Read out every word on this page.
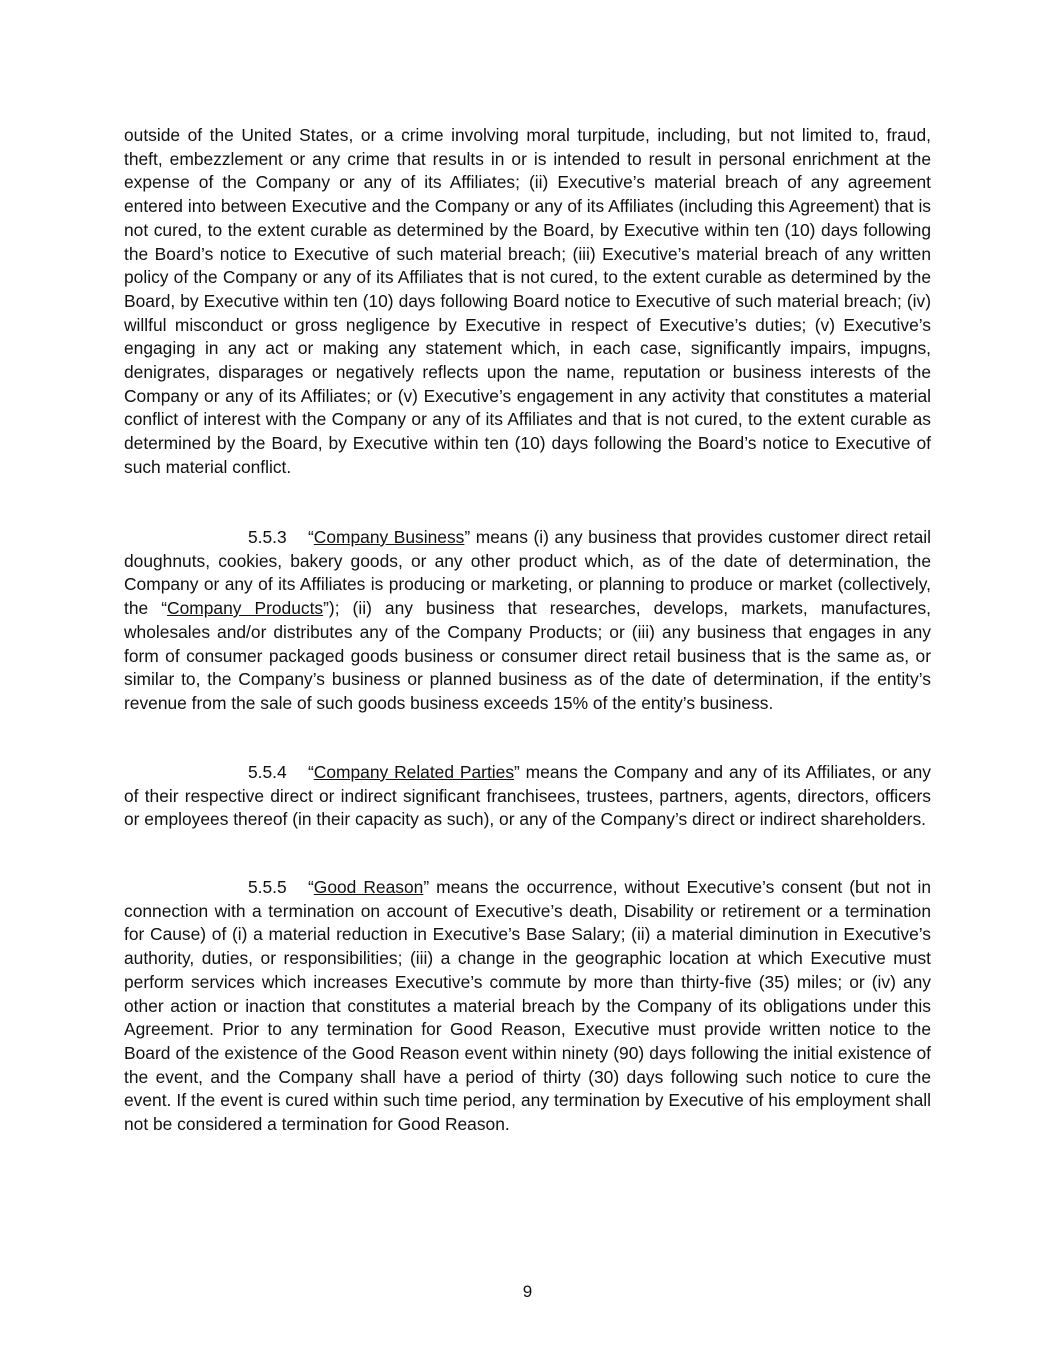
outside of the United States, or a crime involving moral turpitude, including, but not limited to, fraud, theft, embezzlement or any crime that results in or is intended to result in personal enrichment at the expense of the Company or any of its Affiliates; (ii) Executive’s material breach of any agreement entered into between Executive and the Company or any of its Affiliates (including this Agreement) that is not cured, to the extent curable as determined by the Board, by Executive within ten (10) days following the Board’s notice to Executive of such material breach; (iii) Executive’s material breach of any written policy of the Company or any of its Affiliates that is not cured, to the extent curable as determined by the Board, by Executive within ten (10) days following Board notice to Executive of such material breach; (iv) willful misconduct or gross negligence by Executive in respect of Executive’s duties; (v) Executive’s engaging in any act or making any statement which, in each case, significantly impairs, impugns, denigrates, disparages or negatively reflects upon the name, reputation or business interests of the Company or any of its Affiliates; or (v) Executive’s engagement in any activity that constitutes a material conflict of interest with the Company or any of its Affiliates and that is not cured, to the extent curable as determined by the Board, by Executive within ten (10) days following the Board’s notice to Executive of such material conflict.

5.5.3 “Company Business” means (i) any business that provides customer direct retail doughnuts, cookies, bakery goods, or any other product which, as of the date of determination, the Company or any of its Affiliates is producing or marketing, or planning to produce or market (collectively, the “Company Products”); (ii) any business that researches, develops, markets, manufactures, wholesales and/or distributes any of the Company Products; or (iii) any business that engages in any form of consumer packaged goods business or consumer direct retail business that is the same as, or similar to, the Company’s business or planned business as of the date of determination, if the entity’s revenue from the sale of such goods business exceeds 15% of the entity’s business.

5.5.4 “Company Related Parties” means the Company and any of its Affiliates, or any of their respective direct or indirect significant franchisees, trustees, partners, agents, directors, officers or employees thereof (in their capacity as such), or any of the Company’s direct or indirect shareholders.

5.5.5 “Good Reason” means the occurrence, without Executive’s consent (but not in connection with a termination on account of Executive’s death, Disability or retirement or a termination for Cause) of (i) a material reduction in Executive’s Base Salary; (ii) a material diminution in Executive’s authority, duties, or responsibilities; (iii) a change in the geographic location at which Executive must perform services which increases Executive’s commute by more than thirty-five (35) miles; or (iv) any other action or inaction that constitutes a material breach by the Company of its obligations under this Agreement. Prior to any termination for Good Reason, Executive must provide written notice to the Board of the existence of the Good Reason event within ninety (90) days following the initial existence of the event, and the Company shall have a period of thirty (30) days following such notice to cure the event. If the event is cured within such time period, any termination by Executive of his employment shall not be considered a termination for Good Reason.

9
